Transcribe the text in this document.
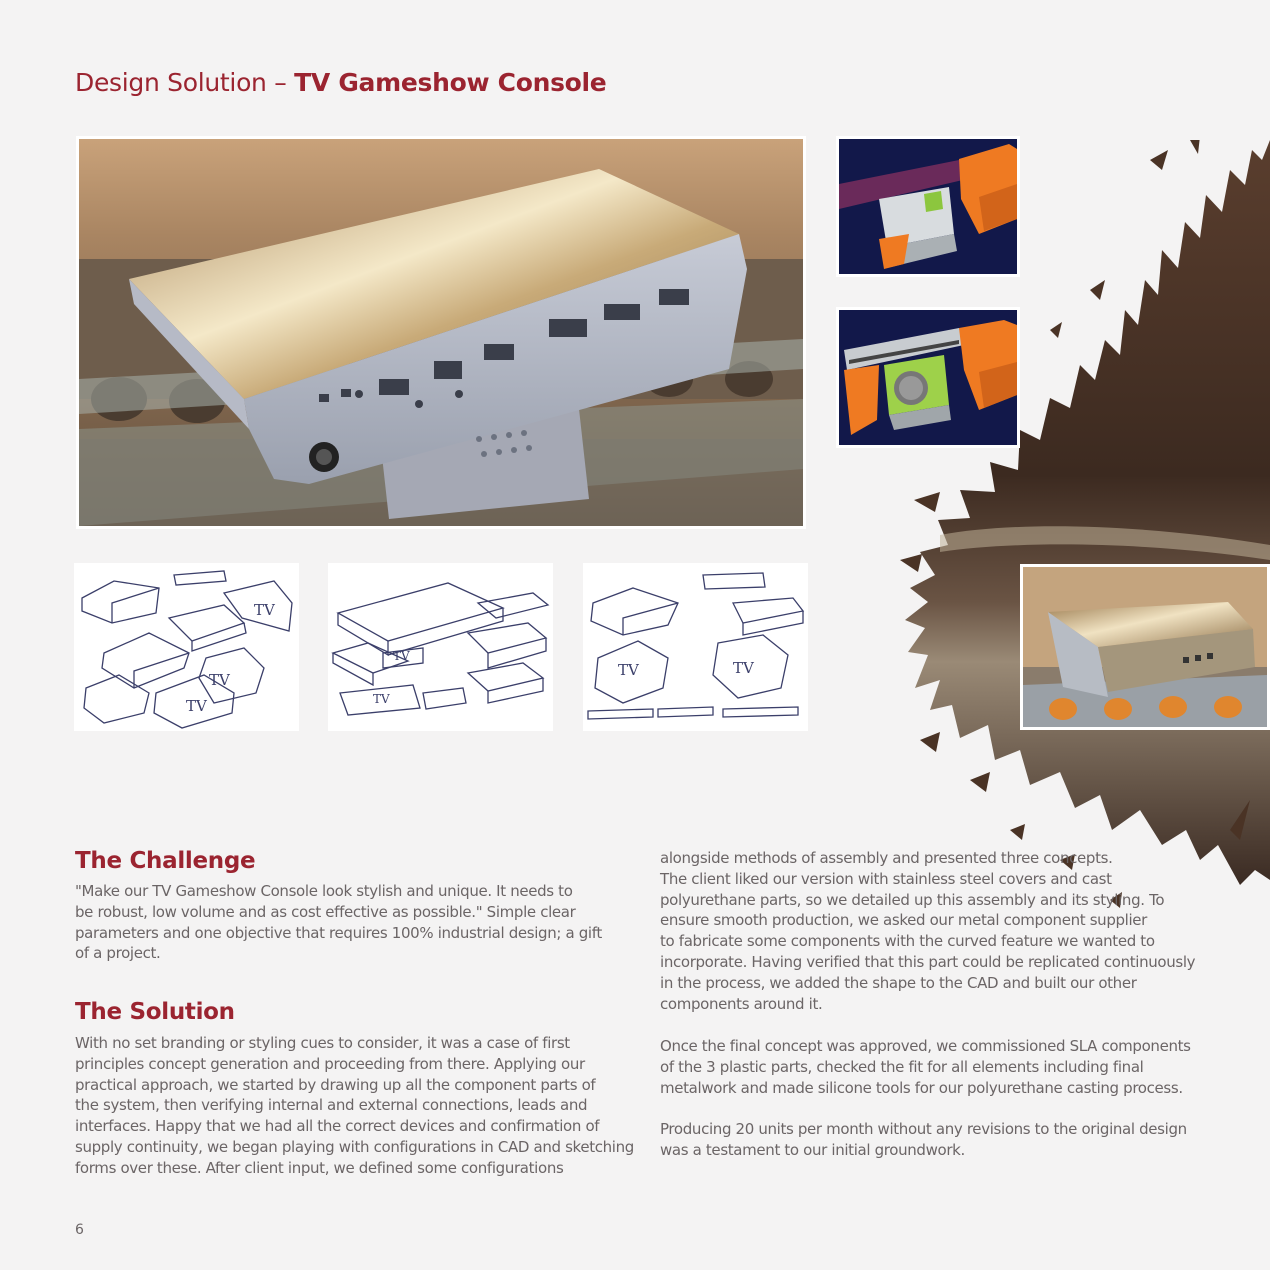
Design Solution – TV Gameshow Console
TV
TV
TV
TV
TV
TV	TV
The Challenge

"Make our TV Gameshow Console look stylish and unique. It needs to
be robust, low volume and as cost effective as possible." Simple clear
parameters and one objective that requires 100% industrial design; a gift
of a project.

The Solution

With no set branding or styling cues to consider, it was a case of first
principles concept generation and proceeding from there. Applying our
practical approach, we started by drawing up all the component parts of
the system, then verifying internal and external connections, leads and
interfaces. Happy that we had all the correct devices and confirmation of
supply continuity, we began playing with configurations in CAD and sketching
forms over these. After client input, we defined some configurations

alongside methods of assembly and presented three concepts.
The client liked our version with stainless steel covers and cast
polyurethane parts, so we detailed up this assembly and its styling. To
ensure smooth production, we asked our metal component supplier
to fabricate some components with the curved feature we wanted to
incorporate. Having verified that this part could be replicated continuously
in the process, we added the shape to the CAD and built our other
components around it.

Once the final concept was approved, we commissioned SLA components
of the 3 plastic parts, checked the fit for all elements including final
metalwork and made silicone tools for our polyurethane casting process.

Producing 20 units per month without any revisions to the original design
was a testament to our initial groundwork.

6
